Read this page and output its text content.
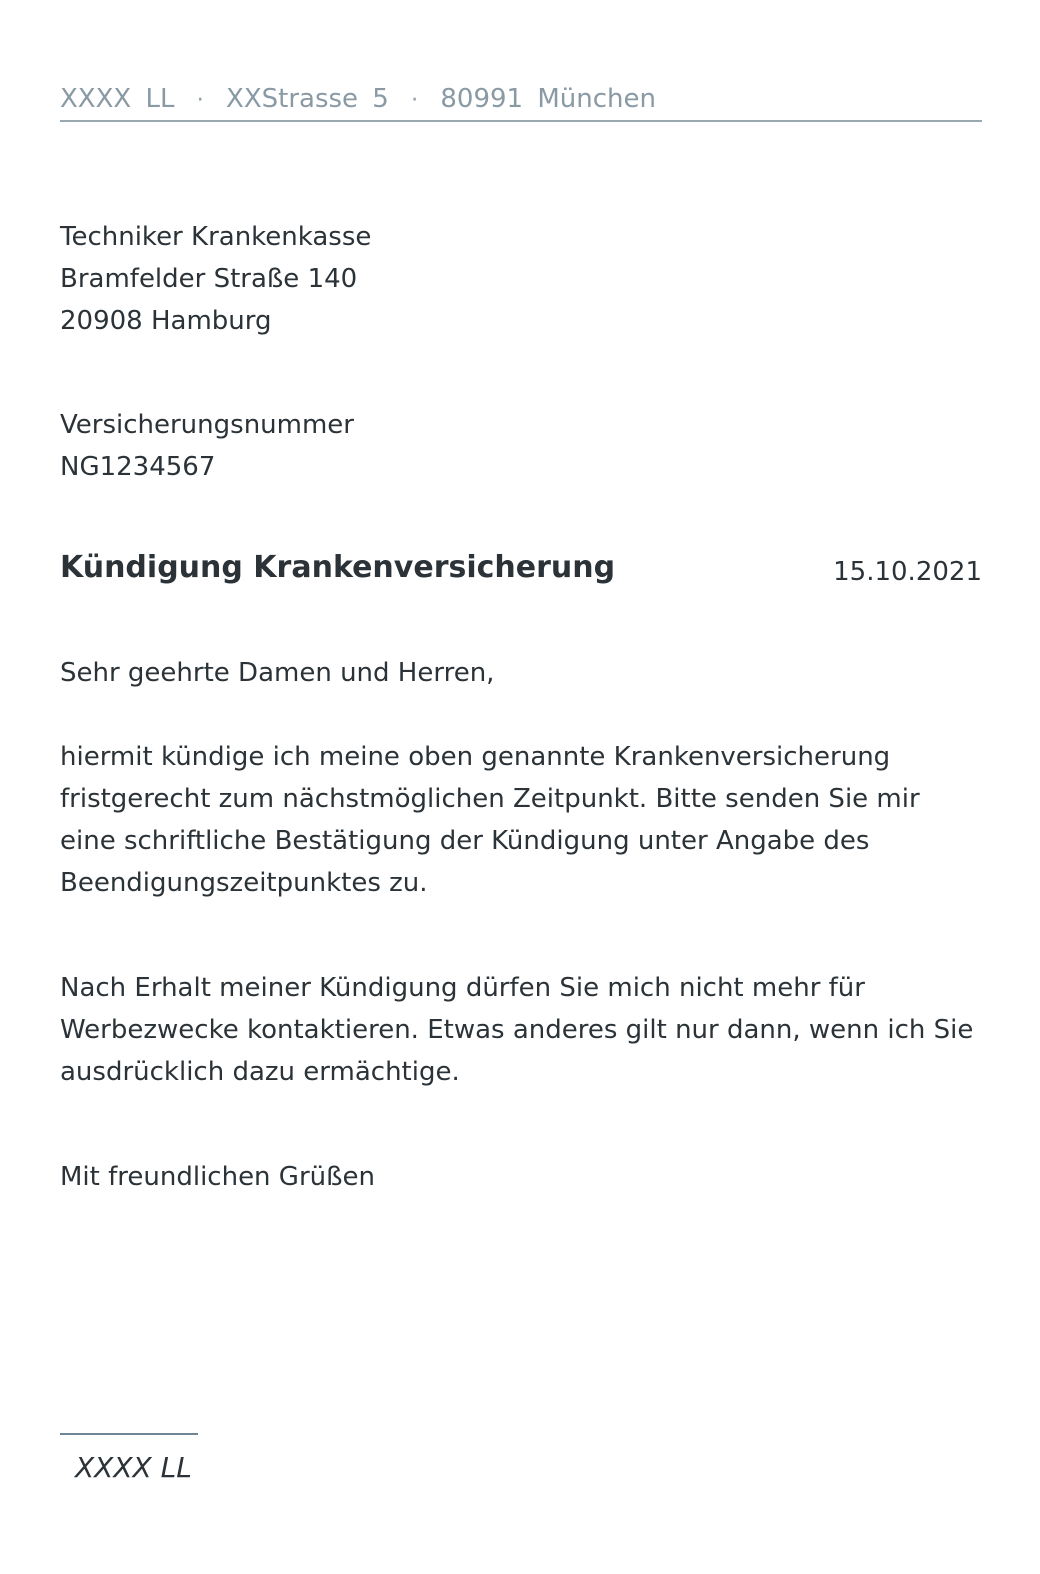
XXXX LL · XXStrasse 5 · 80991 München
Techniker Krankenkasse
Bramfelder Straße 140
20908 Hamburg
Versicherungsnummer
NG1234567
Kündigung Krankenversicherung	15.10.2021
Sehr geehrte Damen und Herren,
hiermit kündige ich meine oben genannte Krankenversicherung fristgerecht zum nächstmöglichen Zeitpunkt. Bitte senden Sie mir eine schriftliche Bestätigung der Kündigung unter Angabe des Beendigungszeitpunktes zu.
Nach Erhalt meiner Kündigung dürfen Sie mich nicht mehr für Werbezwecke kontaktieren. Etwas anderes gilt nur dann, wenn ich Sie ausdrücklich dazu ermächtige.
Mit freundlichen Grüßen
XXXX LL
